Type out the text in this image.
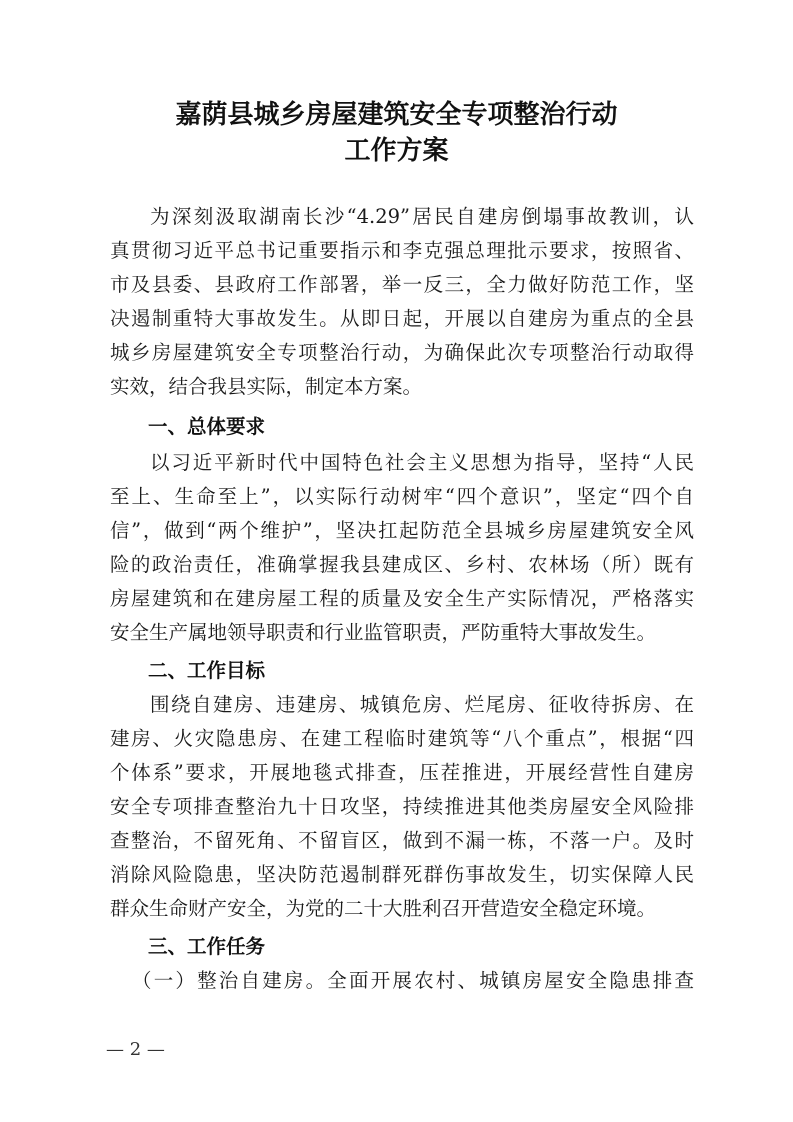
嘉荫县城乡房屋建筑安全专项整治行动
工作方案
为深刻汲取湖南长沙“4.29”居民自建房倒塌事故教训，认
真贯彻习近平总书记重要指示和李克强总理批示要求，按照省、
市及县委、县政府工作部署，举一反三，全力做好防范工作，坚
决遏制重特大事故发生。从即日起，开展以自建房为重点的全县
城乡房屋建筑安全专项整治行动，为确保此次专项整治行动取得
实效，结合我县实际，制定本方案。
一、总体要求
以习近平新时代中国特色社会主义思想为指导，坚持“人民
至上、生命至上”，以实际行动树牢“四个意识”，坚定“四个自
信”，做到“两个维护”，坚决扛起防范全县城乡房屋建筑安全风
险的政治责任，准确掌握我县建成区、乡村、农林场（所）既有
房屋建筑和在建房屋工程的质量及安全生产实际情况，严格落实
安全生产属地领导职责和行业监管职责，严防重特大事故发生。
二、工作目标
围绕自建房、违建房、城镇危房、烂尾房、征收待拆房、在
建房、火灾隐患房、在建工程临时建筑等“八个重点”，根据“四
个体系”要求，开展地毯式排查，压茬推进，开展经营性自建房
安全专项排查整治九十日攻坚，持续推进其他类房屋安全风险排
查整治，不留死角、不留盲区，做到不漏一栋，不落一户。及时
消除风险隐患，坚决防范遏制群死群伤事故发生，切实保障人民
群众生命财产安全，为党的二十大胜利召开营造安全稳定环境。
三、工作任务
（一）整治自建房。全面开展农村、城镇房屋安全隐患排查
— 2 —
